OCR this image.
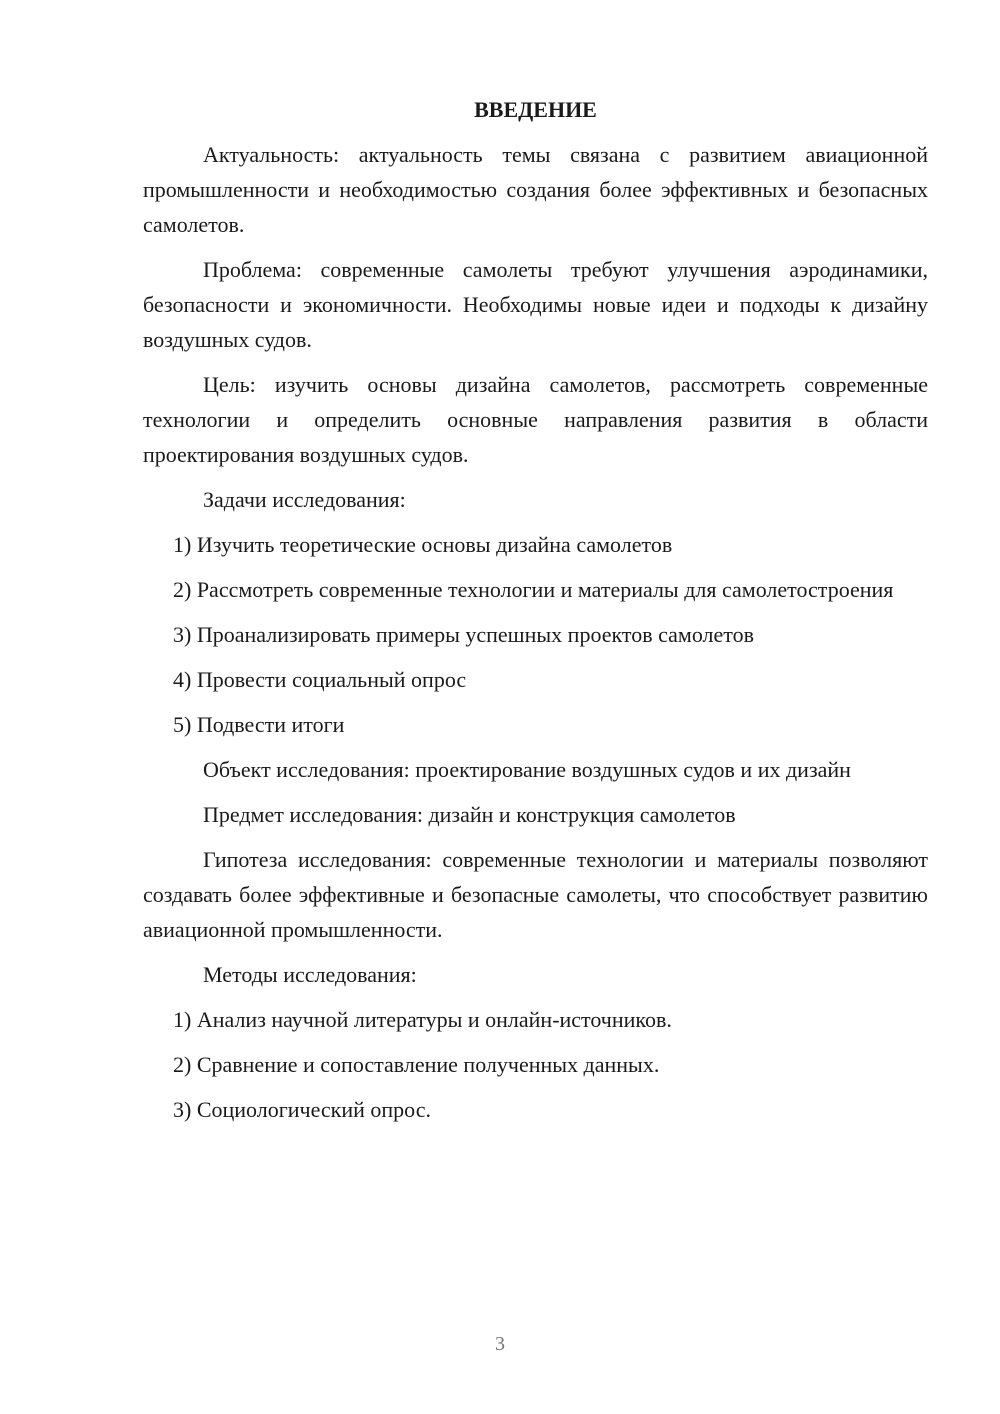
ВВЕДЕНИЕ

Актуальность: актуальность темы связана с развитием авиационной промышленности и необходимостью создания более эффективных и безопасных самолетов.

Проблема: современные самолеты требуют улучшения аэродинамики, безопасности и экономичности. Необходимы новые идеи и подходы к дизайну воздушных судов.

Цель: изучить основы дизайна самолетов, рассмотреть современные технологии и определить основные направления развития в области проектирования воздушных судов.

Задачи исследования:

1) Изучить теоретические основы дизайна самолетов

2) Рассмотреть современные технологии и материалы для самолетостроения

3) Проанализировать примеры успешных проектов самолетов

4) Провести социальный опрос

5) Подвести итоги

Объект исследования: проектирование воздушных судов и их дизайн

Предмет исследования: дизайн и конструкция самолетов

Гипотеза исследования: современные технологии и материалы позволяют создавать более эффективные и безопасные самолеты, что способствует развитию авиационной промышленности.

Методы исследования:

1) Анализ научной литературы и онлайн-источников.

2) Сравнение и сопоставление полученных данных.

3) Социологический опрос.

3
